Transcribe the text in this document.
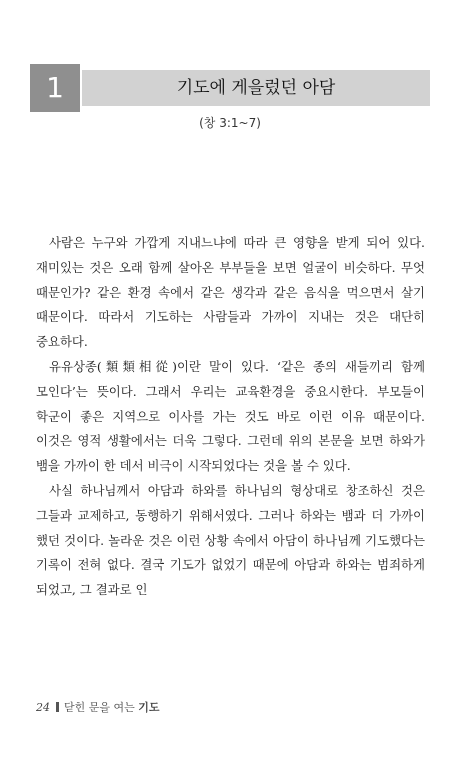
1	기도에 게을렀던 아담
(창 3:1~7)

사람은 누구와 가깝게 지내느냐에 따라 큰 영향을 받게 되어 있다. 재미있는 것은 오래 함께 살아온 부부들을 보면 얼굴이 비슷하다. 무엇 때문인가? 같은 환경 속에서 같은 생각과 같은 음식을 먹으면서 살기 때문이다. 따라서 기도하는 사람들과 가까이 지내는 것은 대단히 중요하다.

유유상종(類類相從)이란 말이 있다. ‘같은 종의 새들끼리 함께 모인다’는 뜻이다. 그래서 우리는 교육환경을 중요시한다. 부모들이 학군이 좋은 지역으로 이사를 가는 것도 바로 이런 이유 때문이다. 이것은 영적 생활에서는 더욱 그렇다. 그런데 위의 본문을 보면 하와가 뱀을 가까이 한 데서 비극이 시작되었다는 것을 볼 수 있다.

사실 하나님께서 아담과 하와를 하나님의 형상대로 창조하신 것은 그들과 교제하고, 동행하기 위해서였다. 그러나 하와는 뱀과 더 가까이 했던 것이다. 놀라운 것은 이런 상황 속에서 아담이 하나님께 기도했다는 기록이 전혀 없다. 결국 기도가 없었기 때문에 아담과 하와는 범죄하게 되었고, 그 결과로 인

24 닫힌 문을 여는 기도
